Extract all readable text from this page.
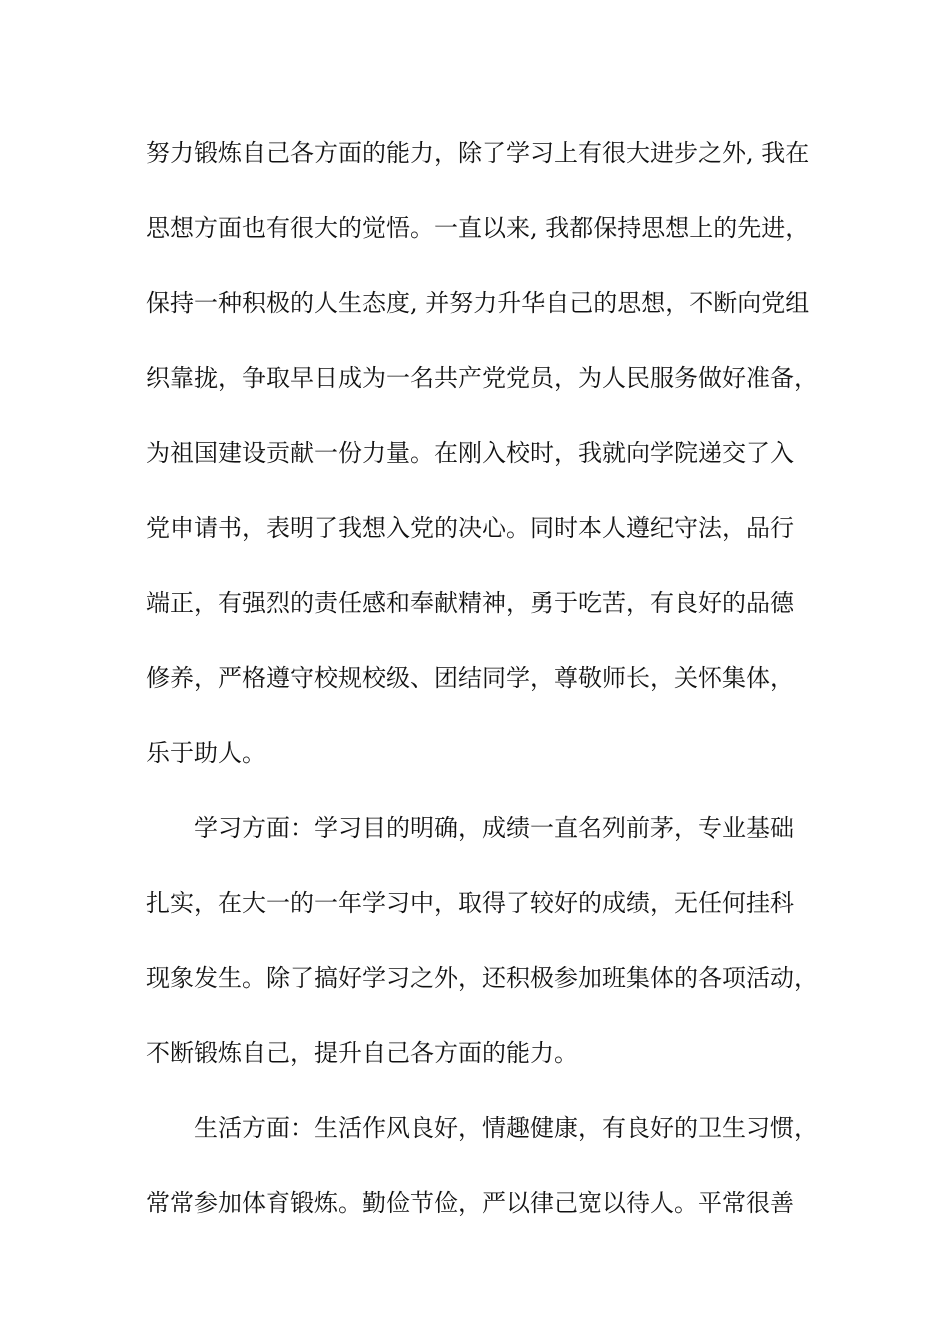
努力锻炼自己各方面的能力，除了学习上有很大进步之外, 我在
思想方面也有很大的觉悟。一直以来, 我都保持思想上的先进，
保持一种积极的人生态度, 并努力升华自己的思想，不断向党组
织靠拢，争取早日成为一名共产党党员，为人民服务做好准备，
为祖国建设贡献一份力量。在刚入校时，我就向学院递交了入
党申请书，表明了我想入党的决心。同时本人遵纪守法，品行
端正，有强烈的责任感和奉献精神，勇于吃苦，有良好的品德
修养，严格遵守校规校级、团结同学，尊敬师长，关怀集体，
乐于助人。
学习方面：学习目的明确，成绩一直名列前茅，专业基础
扎实，在大一的一年学习中，取得了较好的成绩，无任何挂科
现象发生。除了搞好学习之外，还积极参加班集体的各项活动，
不断锻炼自己，提升自己各方面的能力。
生活方面：生活作风良好，情趣健康，有良好的卫生习惯，
常常参加体育锻炼。勤俭节俭，严以律己宽以待人。平常很善
